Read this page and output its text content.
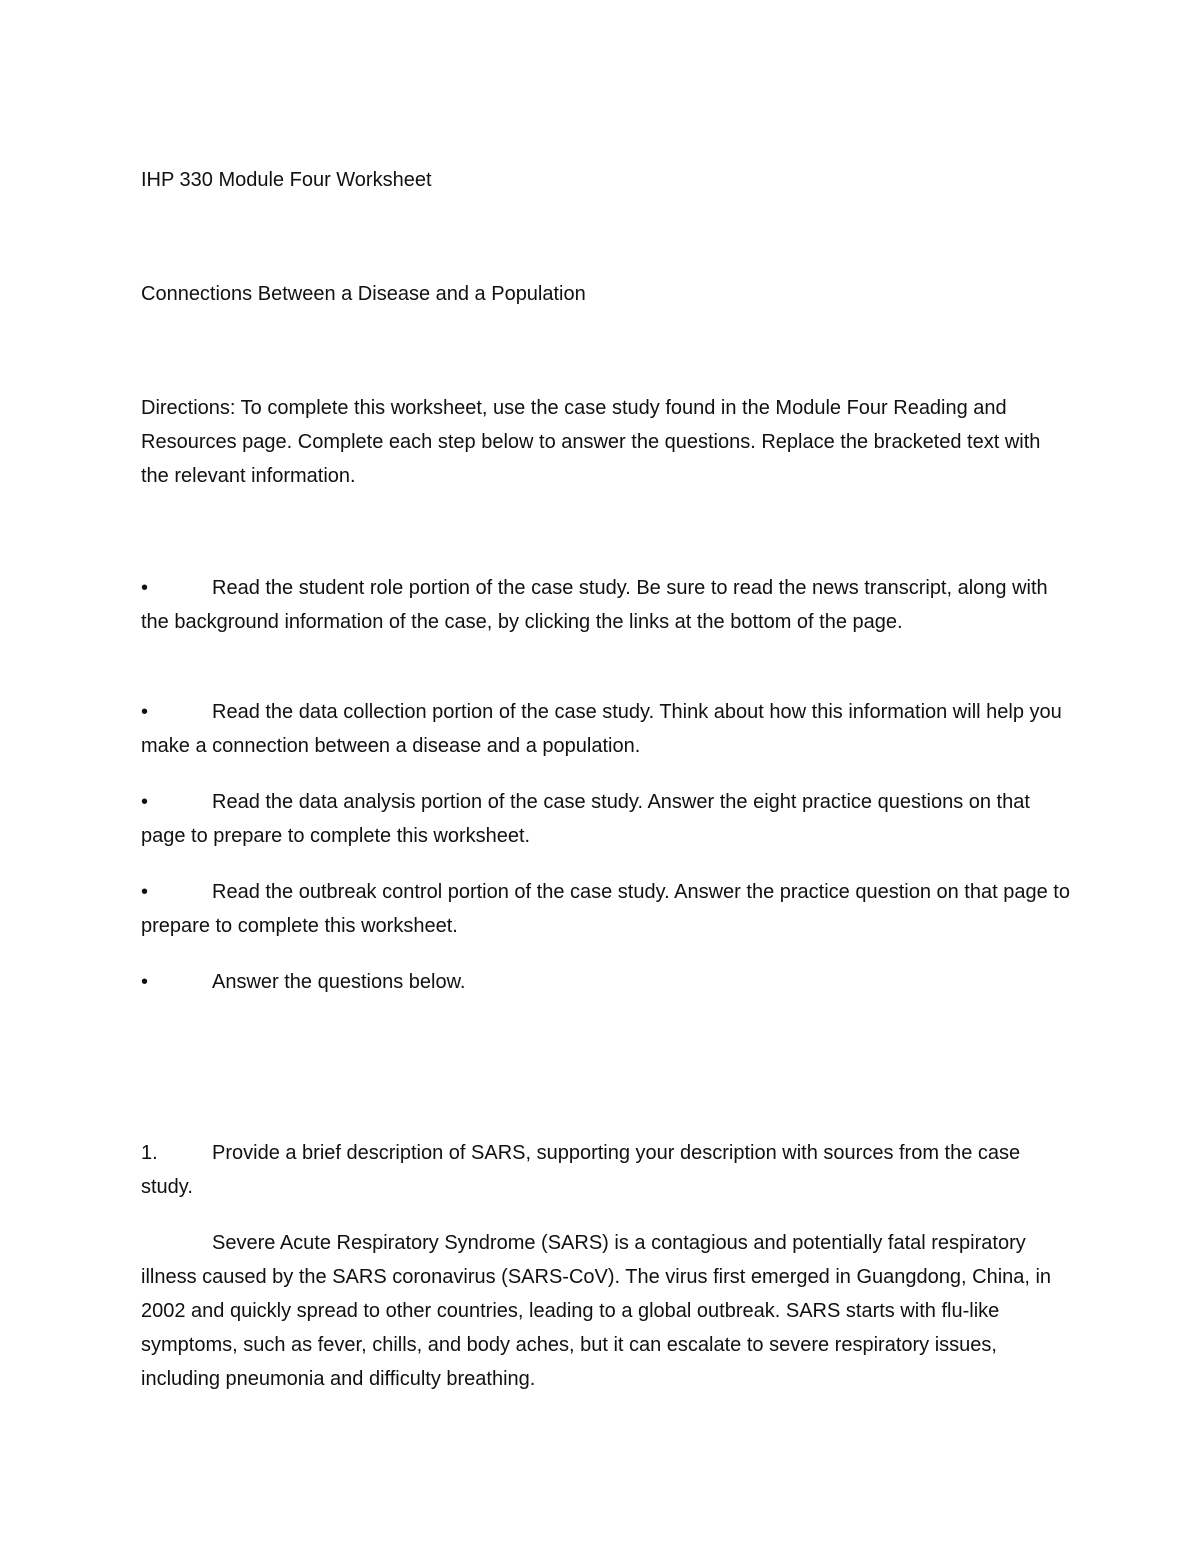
IHP 330 Module Four Worksheet

Connections Between a Disease and a Population

Directions: To complete this worksheet, use the case study found in the Module Four Reading and Resources page. Complete each step below to answer the questions. Replace the bracketed text with the relevant information.

•	Read the student role portion of the case study. Be sure to read the news transcript, along with the background information of the case, by clicking the links at the bottom of the page.
•	Read the data collection portion of the case study. Think about how this information will help you make a connection between a disease and a population.
•	Read the data analysis portion of the case study. Answer the eight practice questions on that page to prepare to complete this worksheet.
•	Read the outbreak control portion of the case study. Answer the practice question on that page to prepare to complete this worksheet.
•	Answer the questions below.
1.	Provide a brief description of SARS, supporting your description with sources from the case study.
Severe Acute Respiratory Syndrome (SARS) is a contagious and potentially fatal respiratory illness caused by the SARS coronavirus (SARS-CoV). The virus first emerged in Guangdong, China, in 2002 and quickly spread to other countries, leading to a global outbreak. SARS starts with flu-like symptoms, such as fever, chills, and body aches, but it can escalate to severe respiratory issues, including pneumonia and difficulty breathing.
